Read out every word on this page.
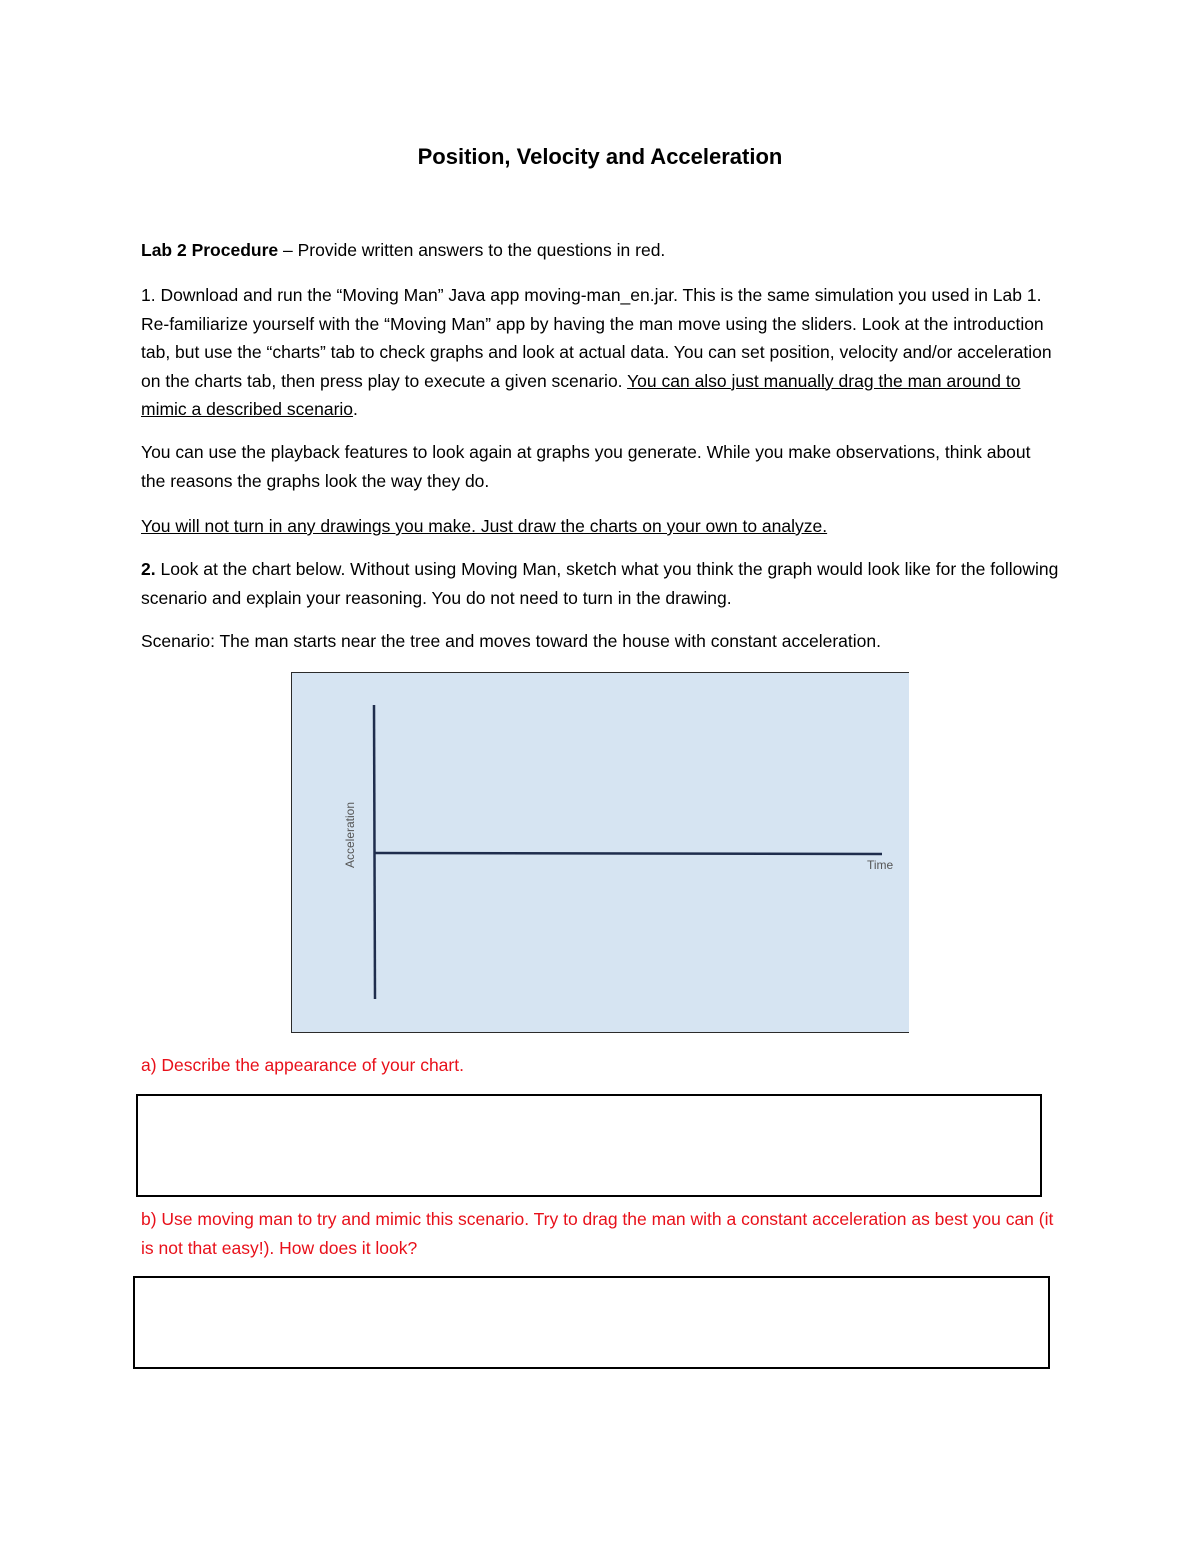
Position, Velocity and Acceleration

Lab 2 Procedure – Provide written answers to the questions in red.

1. Download and run the “Moving Man” Java app moving-man_en.jar. This is the same simulation you used in Lab 1. Re-familiarize yourself with the “Moving Man” app by having the man move using the sliders. Look at the introduction tab, but use the “charts” tab to check graphs and look at actual data. You can set position, velocity and/or acceleration on the charts tab, then press play to execute a given scenario. You can also just manually drag the man around to mimic a described scenario.

You can use the playback features to look again at graphs you generate. While you make observations, think about the reasons the graphs look the way they do.

You will not turn in any drawings you make. Just draw the charts on your own to analyze.

2. Look at the chart below. Without using Moving Man, sketch what you think the graph would look like for the following scenario and explain your reasoning. You do not need to turn in the drawing.

Scenario: The man starts near the tree and moves toward the house with constant acceleration.

Time
Acceleration

a) Describe the appearance of your chart.

b) Use moving man to try and mimic this scenario. Try to drag the man with a constant acceleration as best you can (it is not that easy!). How does it look?
